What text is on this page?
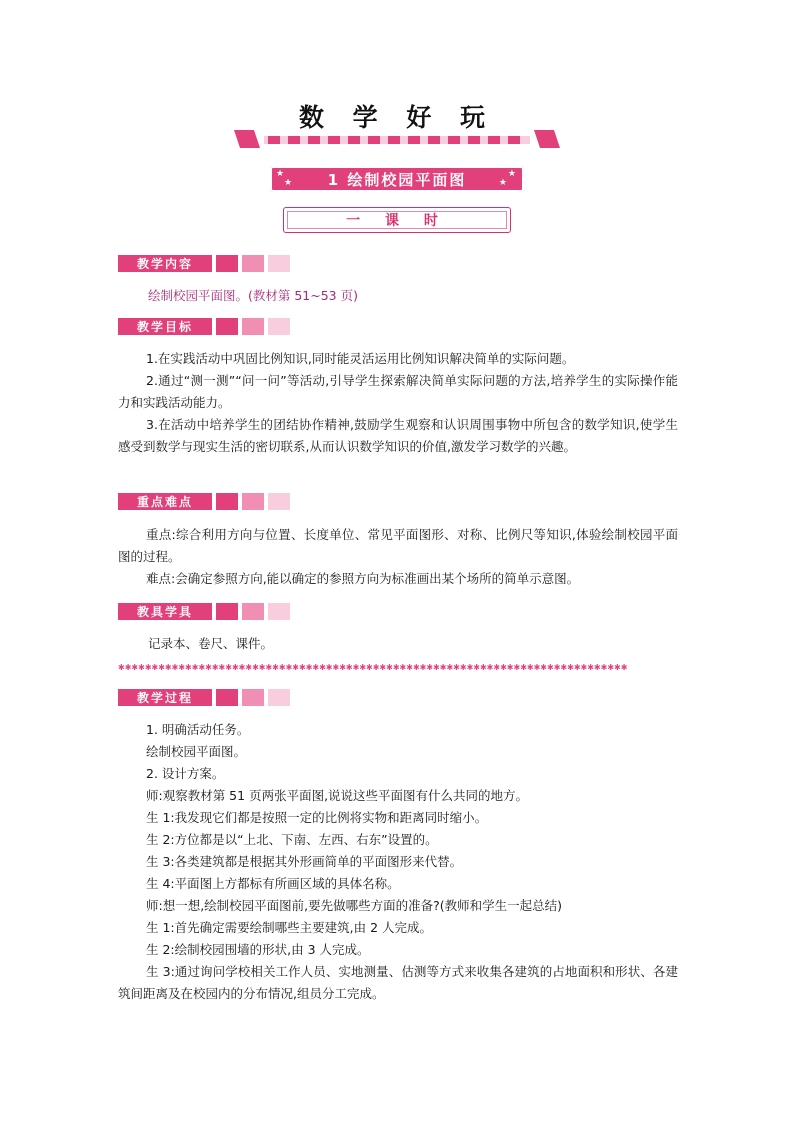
数 学 好 玩
★
★
★
★
1 绘制校园平面图
一 课 时
教学内容
绘制校园平面图。(教材第 51~53 页)
教学目标
1.在实践活动中巩固比例知识,同时能灵活运用比例知识解决简单的实际问题。
2.通过“测一测”“问一问”等活动,引导学生探索解决简单实际问题的方法,培养学生的实际操作能力和实践活动能力。
3.在活动中培养学生的团结协作精神,鼓励学生观察和认识周围事物中所包含的数学知识,使学生感受到数学与现实生活的密切联系,从而认识数学知识的价值,激发学习数学的兴趣。
重点难点
重点:综合利用方向与位置、长度单位、常见平面图形、对称、比例尺等知识,体验绘制校园平面图的过程。
难点:会确定参照方向,能以确定的参照方向为标准画出某个场所的简单示意图。
教具学具
记录本、卷尺、课件。
✱✱✱✱✱✱✱✱✱✱✱✱✱✱✱✱✱✱✱✱✱✱✱✱✱✱✱✱✱✱✱✱✱✱✱✱✱✱✱✱✱✱✱✱✱✱✱✱✱✱✱✱✱✱✱✱✱✱✱✱✱✱✱✱✱✱✱✱✱✱✱✱✱✱✱✱
教学过程
1. 明确活动任务。
绘制校园平面图。
2. 设计方案。
师:观察教材第 51 页两张平面图,说说这些平面图有什么共同的地方。
生 1:我发现它们都是按照一定的比例将实物和距离同时缩小。
生 2:方位都是以“上北、下南、左西、右东”设置的。
生 3:各类建筑都是根据其外形画简单的平面图形来代替。
生 4:平面图上方都标有所画区域的具体名称。
师:想一想,绘制校园平面图前,要先做哪些方面的准备?(教师和学生一起总结)
生 1:首先确定需要绘制哪些主要建筑,由 2 人完成。
生 2:绘制校园围墙的形状,由 3 人完成。
生 3:通过询问学校相关工作人员、实地测量、估测等方式来收集各建筑的占地面积和形状、各建筑间距离及在校园内的分布情况,组员分工完成。
